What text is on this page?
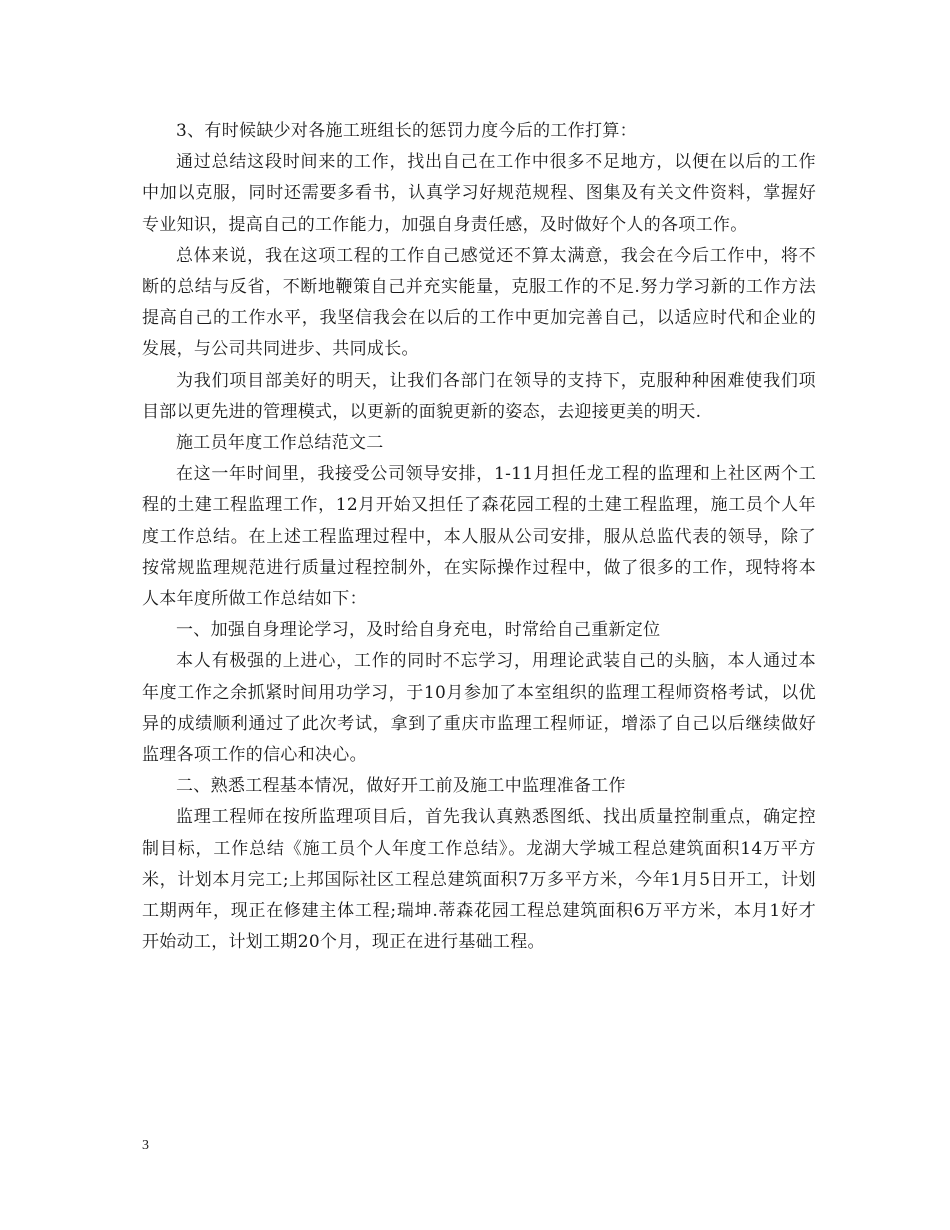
3、有时候缺少对各施工班组长的惩罚力度今后的工作打算：

通过总结这段时间来的工作，找出自己在工作中很多不足地方，以便在以后的工作中加以克服，同时还需要多看书，认真学习好规范规程、图集及有关文件资料，掌握好专业知识，提高自己的工作能力，加强自身责任感，及时做好个人的各项工作。

总体来说，我在这项工程的工作自己感觉还不算太满意，我会在今后工作中，将不断的总结与反省，不断地鞭策自己并充实能量，克服工作的不足.努力学习新的工作方法提高自己的工作水平，我坚信我会在以后的工作中更加完善自己，以适应时代和企业的发展，与公司共同进步、共同成长。

为我们项目部美好的明天，让我们各部门在领导的支持下，克服种种困难使我们项目部以更先进的管理模式，以更新的面貌更新的姿态，去迎接更美的明天.

施工员年度工作总结范文二

在这一年时间里，我接受公司领导安排，1-11月担任龙工程的监理和上社区两个工程的土建工程监理工作，12月开始又担任了森花园工程的土建工程监理，施工员个人年度工作总结。在上述工程监理过程中，本人服从公司安排，服从总监代表的领导，除了按常规监理规范进行质量过程控制外，在实际操作过程中，做了很多的工作，现特将本人本年度所做工作总结如下：

一、加强自身理论学习，及时给自身充电，时常给自己重新定位

本人有极强的上进心，工作的同时不忘学习，用理论武装自己的头脑，本人通过本年度工作之余抓紧时间用功学习，于10月参加了本室组织的监理工程师资格考试，以优异的成绩顺利通过了此次考试，拿到了重庆市监理工程师证，增添了自己以后继续做好监理各项工作的信心和决心。

二、熟悉工程基本情况，做好开工前及施工中监理准备工作

监理工程师在按所监理项目后，首先我认真熟悉图纸、找出质量控制重点，确定控制目标，工作总结《施工员个人年度工作总结》。龙湖大学城工程总建筑面积14万平方米，计划本月完工;上邦国际社区工程总建筑面积7万多平方米，今年1月5日开工，计划工期两年，现正在修建主体工程;瑞坤.蒂森花园工程总建筑面积6万平方米，本月1好才开始动工，计划工期20个月，现正在进行基础工程。

3
